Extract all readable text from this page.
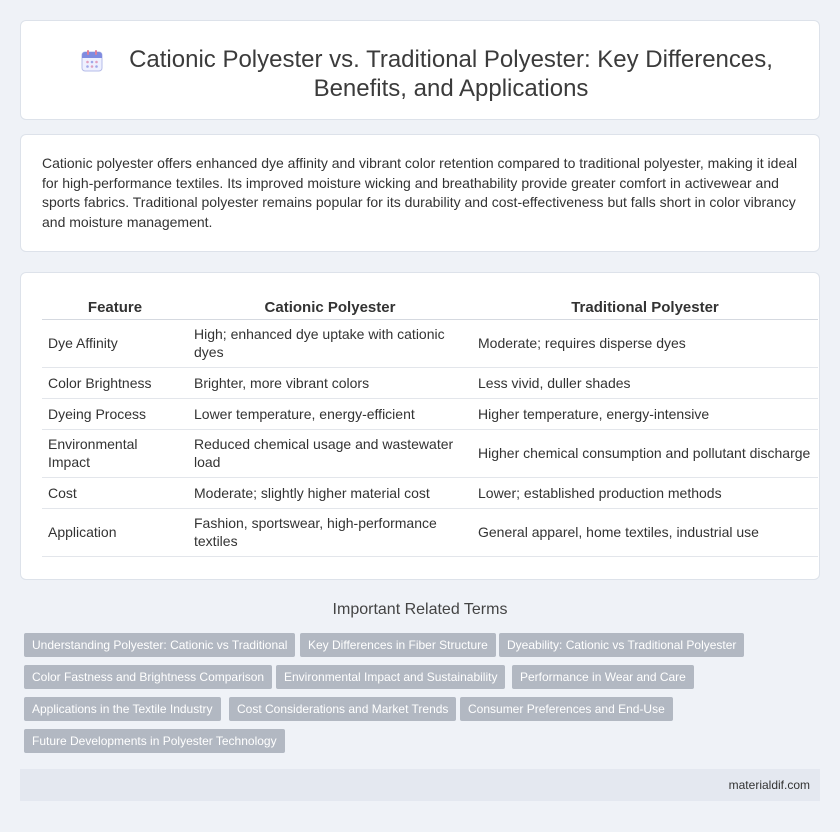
Cationic Polyester vs. Traditional Polyester: Key Differences, Benefits, and Applications

Cationic polyester offers enhanced dye affinity and vibrant color retention compared to traditional polyester, making it ideal for high-performance textiles. Its improved moisture wicking and breathability provide greater comfort in activewear and sports fabrics. Traditional polyester remains popular for its durability and cost-effectiveness but falls short in color vibrancy and moisture management.

Feature	Cationic Polyester	Traditional Polyester
Dye Affinity	High; enhanced dye uptake with cationic dyes	Moderate; requires disperse dyes
Color Brightness	Brighter, more vibrant colors	Less vivid, duller shades
Dyeing Process	Lower temperature, energy-efficient	Higher temperature, energy-intensive
Environmental Impact	Reduced chemical usage and wastewater load	Higher chemical consumption and pollutant discharge
Cost	Moderate; slightly higher material cost	Lower; established production methods
Application	Fashion, sportswear, high-performance textiles	General apparel, home textiles, industrial use
Important Related Terms
Understanding Polyester: Cationic vs Traditional	Key Differences in Fiber Structure	Dyeability: Cationic vs Traditional Polyester
Color Fastness and Brightness Comparison	Environmental Impact and Sustainability	Performance in Wear and Care
Applications in the Textile Industry	Cost Considerations and Market Trends	Consumer Preferences and End-Use
Future Developments in Polyester Technology
materialdif.com
